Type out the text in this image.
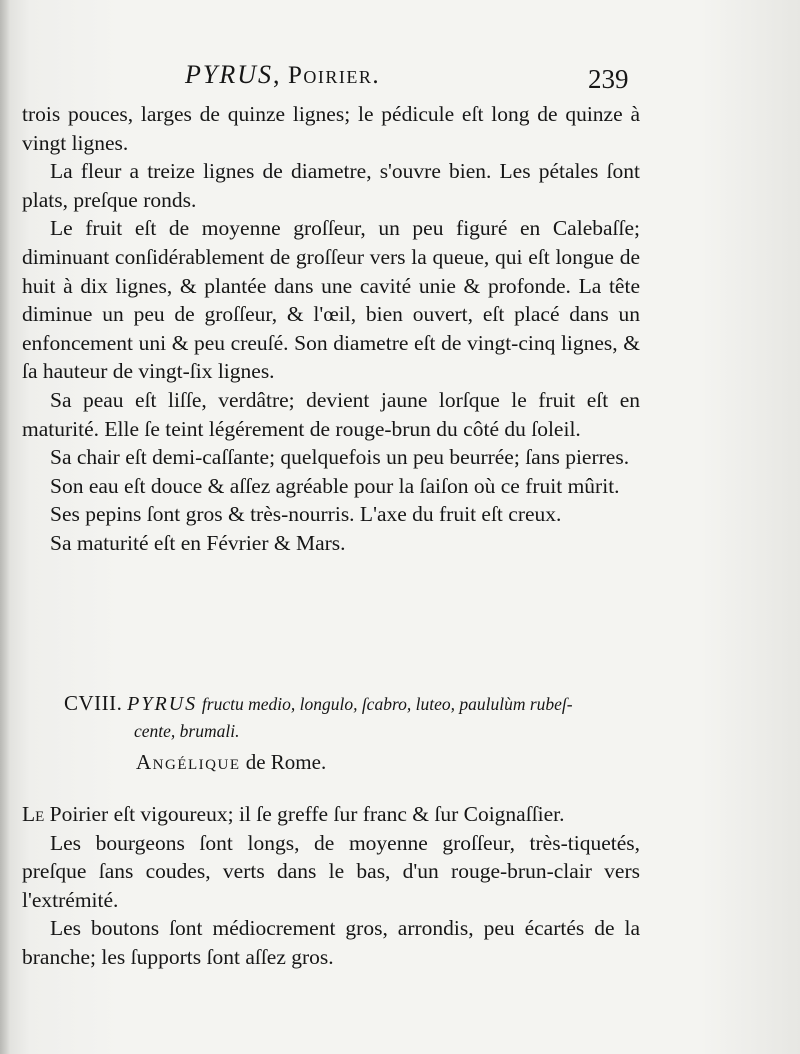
PYRUS, Poirier.	239

trois pouces, larges de quinze lignes; le pédicule eſt long de quinze à vingt lignes.

La fleur a treize lignes de diametre, s'ouvre bien. Les pétales ſont plats, preſque ronds.

Le fruit eſt de moyenne groſſeur, un peu figuré en Calebaſſe; diminuant conſidérablement de groſſeur vers la queue, qui eſt longue de huit à dix lignes, & plantée dans une cavité unie & profonde. La tête diminue un peu de groſſeur, & l'œil, bien ouvert, eſt placé dans un enfoncement uni & peu creuſé. Son diametre eſt de vingt-cinq lignes, & ſa hauteur de vingt-ſix lignes.

Sa peau eſt liſſe, verdâtre; devient jaune lorſque le fruit eſt en maturité. Elle ſe teint légérement de rouge-brun du côté du ſoleil.

Sa chair eſt demi-caſſante; quelquefois un peu beurrée; ſans pierres.

Son eau eſt douce & aſſez agréable pour la ſaiſon où ce fruit mûrit.

Ses pepins ſont gros & très-nourris. L'axe du fruit eſt creux.

Sa maturité eſt en Février & Mars.

CVIII. PYRUS fructu medio, longulo, ſcabro, luteo, paululùm rubeſ-
cente, brumali.
Angélique de Rome.

Le Poirier eſt vigoureux; il ſe greffe ſur franc & ſur Coignaſſier.

Les bourgeons ſont longs, de moyenne groſſeur, très-tiquetés, preſque ſans coudes, verts dans le bas, d'un rouge-brun-clair vers l'extrémité.

Les boutons ſont médiocrement gros, arrondis, peu écartés de la branche; les ſupports ſont aſſez gros.
